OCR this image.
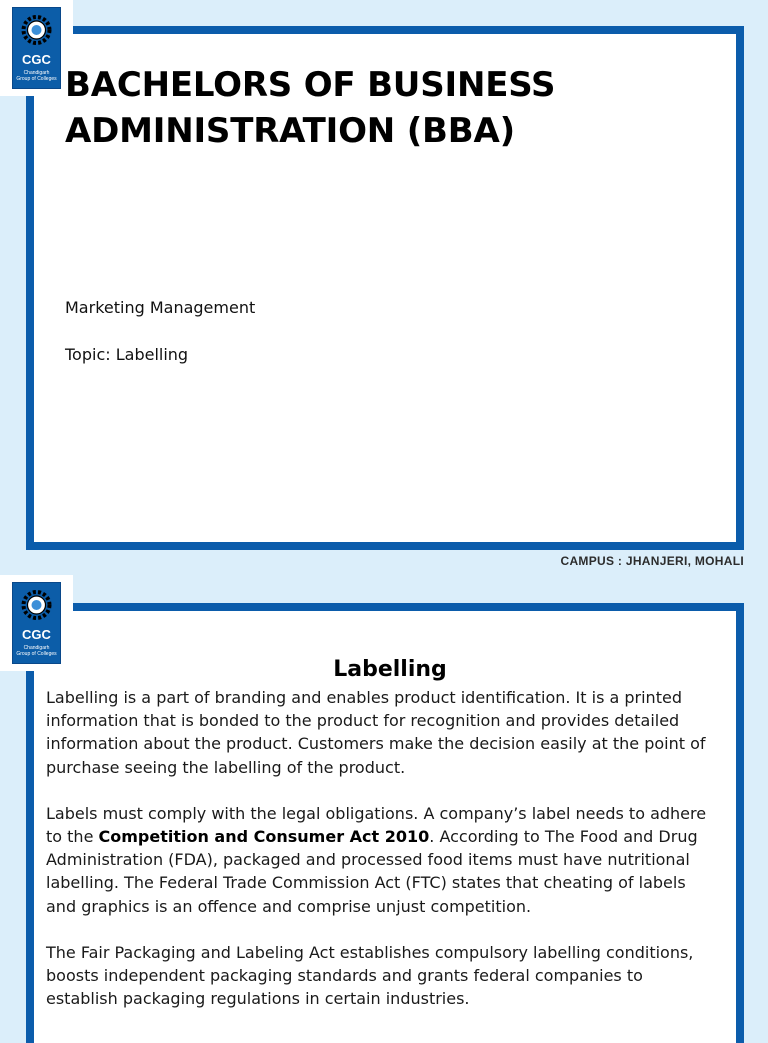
CGC
Chandigarh
Group of Colleges BACHELORS OF BUSINESS ADMINISTRATION (BBA)
Marketing Management
Topic: Labelling
CAMPUS : JHANJERI, MOHALI
CGC
Chandigarh
Group of Colleges
Labelling

Labelling is a part of branding and enables product identification. It is a printed information that is bonded to the product for recognition and provides detailed information about the product. Customers make the decision easily at the point of purchase seeing the labelling of the product.

Labels must comply with the legal obligations. A company’s label needs to adhere to the Competition and Consumer Act 2010. According to The Food and Drug Administration (FDA), packaged and processed food items must have nutritional labelling. The Federal Trade Commission Act (FTC) states that cheating of labels and graphics is an offence and comprise unjust competition.

The Fair Packaging and Labeling Act establishes compulsory labelling conditions, boosts independent packaging standards and grants federal companies to establish packaging regulations in certain industries.
